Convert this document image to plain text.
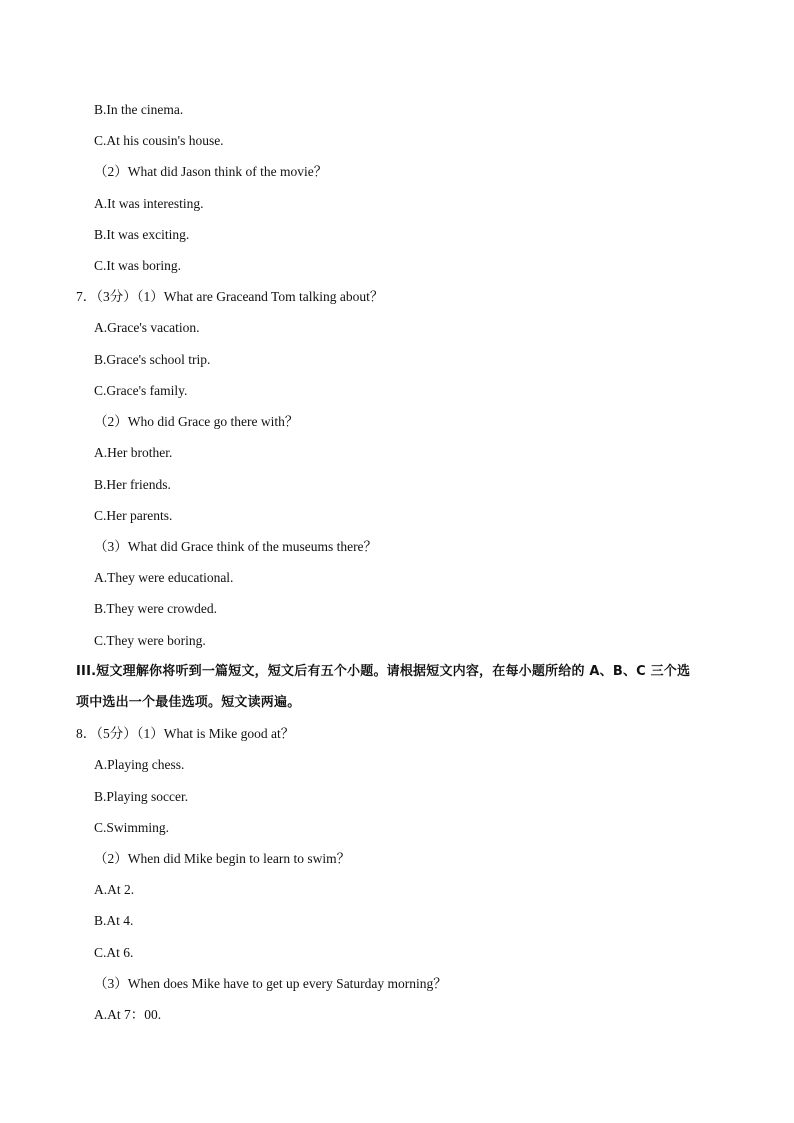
B.In the cinema.
C.At his cousin's house.
（2）What did Jason think of the movie？
A.It was interesting.
B.It was exciting.
C.It was boring.
7．（3分）（1）What are Graceand Tom talking about？
A.Grace's vacation.
B.Grace's school trip.
C.Grace's family.
（2）Who did Grace go there with？
A.Her brother.
B.Her friends.
C.Her parents.
（3）What did Grace think of the museums there？
A.They were educational.
B.They were crowded.
C.They were boring.
III.短文理解你将听到一篇短文，短文后有五个小题。请根据短文内容，在每小题所给的 A、B、C 三个选
项中选出一个最佳选项。短文读两遍。
8．（5分）（1）What is Mike good at？
A.Playing chess.
B.Playing soccer.
C.Swimming.
（2）When did Mike begin to learn to swim？
A.At 2.
B.At 4.
C.At 6.
（3）When does Mike have to get up every Saturday morning？
A.At 7：00.
